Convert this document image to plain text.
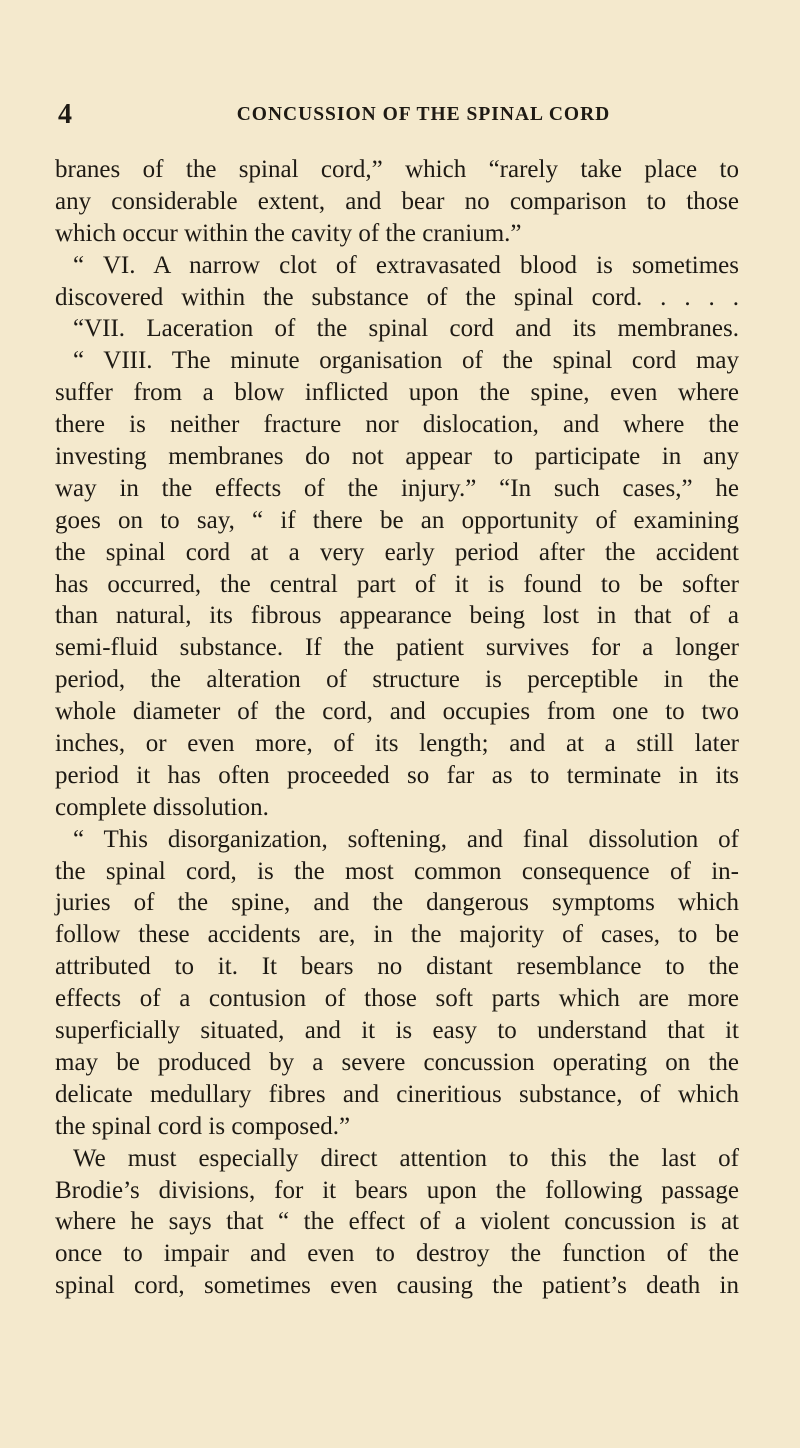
4	CONCUSSION OF THE SPINAL CORD
branes of the spinal cord,” which “rarely take place to
any considerable extent, and bear no comparison to those
which occur within the cavity of the cranium.”
“ VI. A narrow clot of extravasated blood is sometimes
discovered within the substance of the spinal cord. . . . .
“VII. Laceration of the spinal cord and its membranes.
“ VIII. The minute organisation of the spinal cord may
suffer from a blow inflicted upon the spine, even where
there is neither fracture nor dislocation, and where the
investing membranes do not appear to participate in any
way in the effects of the injury.” “In such cases,” he
goes on to say, “ if there be an opportunity of examining
the spinal cord at a very early period after the accident
has occurred, the central part of it is found to be softer
than natural, its fibrous appearance being lost in that of a
semi-fluid substance. If the patient survives for a longer
period, the alteration of structure is perceptible in the
whole diameter of the cord, and occupies from one to two
inches, or even more, of its length; and at a still later
period it has often proceeded so far as to terminate in its
complete dissolution.
“ This disorganization, softening, and final dissolution of
the spinal cord, is the most common consequence of in-
juries of the spine, and the dangerous symptoms which
follow these accidents are, in the majority of cases, to be
attributed to it. It bears no distant resemblance to the
effects of a contusion of those soft parts which are more
superficially situated, and it is easy to understand that it
may be produced by a severe concussion operating on the
delicate medullary fibres and cineritious substance, of which
the spinal cord is composed.”
We must especially direct attention to this the last of
Brodie’s divisions, for it bears upon the following passage
where he says that “ the effect of a violent concussion is at
once to impair and even to destroy the function of the
spinal cord, sometimes even causing the patient’s death in
